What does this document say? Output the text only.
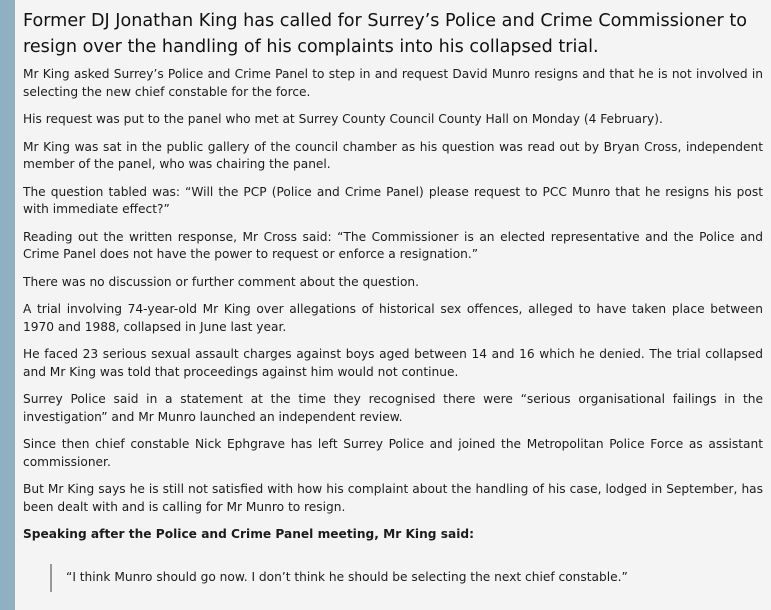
Former DJ Jonathan King has called for Surrey’s Police and Crime Commissioner to resign over the handling of his complaints into his collapsed trial.

Mr King asked Surrey’s Police and Crime Panel to step in and request David Munro resigns and that he is not involved in selecting the new chief constable for the force.

His request was put to the panel who met at Surrey County Council County Hall on Monday (4 February).

Mr King was sat in the public gallery of the council chamber as his question was read out by Bryan Cross, independent member of the panel, who was chairing the panel.

The question tabled was: “Will the PCP (Police and Crime Panel) please request to PCC Munro that he resigns his post with immediate effect?”

Reading out the written response, Mr Cross said: “The Commissioner is an elected representative and the Police and Crime Panel does not have the power to request or enforce a resignation.”

There was no discussion or further comment about the question.

A trial involving 74-year-old Mr King over allegations of historical sex offences, alleged to have taken place between 1970 and 1988, collapsed in June last year.

He faced 23 serious sexual assault charges against boys aged between 14 and 16 which he denied. The trial collapsed and Mr King was told that proceedings against him would not continue.

Surrey Police said in a statement at the time they recognised there were “serious organisational failings in the investigation” and Mr Munro launched an independent review.

Since then chief constable Nick Ephgrave has left Surrey Police and joined the Metropolitan Police Force as assistant commissioner.

But Mr King says he is still not satisfied with how his complaint about the handling of his case, lodged in September, has been dealt with and is calling for Mr Munro to resign.

Speaking after the Police and Crime Panel meeting, Mr King said:

“I think Munro should go now. I don’t think he should be selecting the next chief constable.”
